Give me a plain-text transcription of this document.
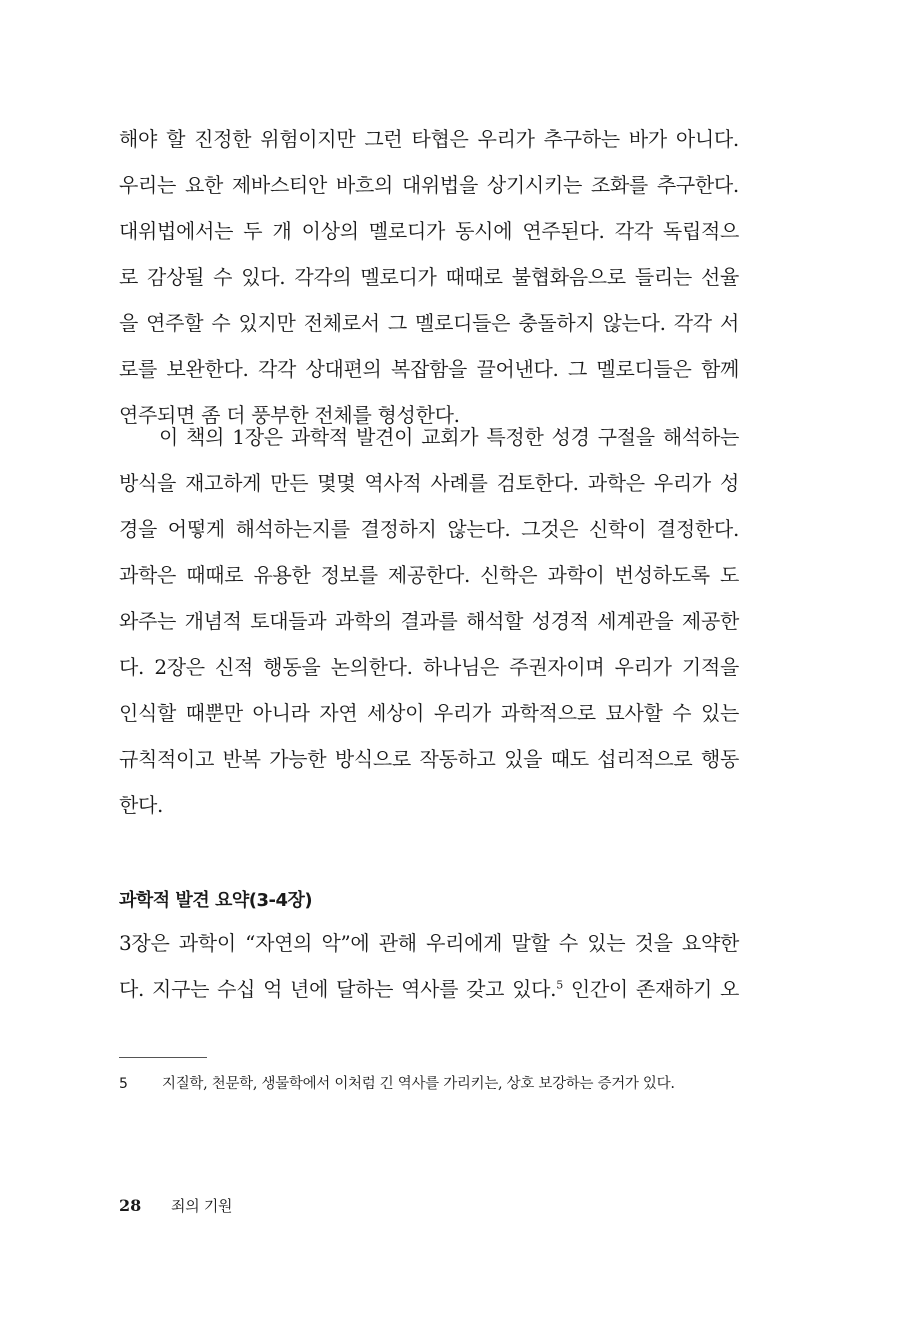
해야 할 진정한 위험이지만 그런 타협은 우리가 추구하는 바가 아니다.
우리는 요한 제바스티안 바흐의 대위법을 상기시키는 조화를 추구한다.
대위법에서는 두 개 이상의 멜로디가 동시에 연주된다. 각각 독립적으
로 감상될 수 있다. 각각의 멜로디가 때때로 불협화음으로 들리는 선율
을 연주할 수 있지만 전체로서 그 멜로디들은 충돌하지 않는다. 각각 서
로를 보완한다. 각각 상대편의 복잡함을 끌어낸다. 그 멜로디들은 함께
연주되면 좀 더 풍부한 전체를 형성한다.
이 책의 1장은 과학적 발견이 교회가 특정한 성경 구절을 해석하는
방식을 재고하게 만든 몇몇 역사적 사례를 검토한다. 과학은 우리가 성
경을 어떻게 해석하는지를 결정하지 않는다. 그것은 신학이 결정한다.
과학은 때때로 유용한 정보를 제공한다. 신학은 과학이 번성하도록 도
와주는 개념적 토대들과 과학의 결과를 해석할 성경적 세계관을 제공한
다. 2장은 신적 행동을 논의한다. 하나님은 주권자이며 우리가 기적을
인식할 때뿐만 아니라 자연 세상이 우리가 과학적으로 묘사할 수 있는
규칙적이고 반복 가능한 방식으로 작동하고 있을 때도 섭리적으로 행동
한다.
과학적 발견 요약(3-4장)
3장은 과학이 “자연의 악”에 관해 우리에게 말할 수 있는 것을 요약한
다. 지구는 수십 억 년에 달하는 역사를 갖고 있다.$^5$ 인간이 존재하기 오
5 지질학, 천문학, 생물학에서 이처럼 긴 역사를 가리키는, 상호 보강하는 증거가 있다.
28 죄의 기원
